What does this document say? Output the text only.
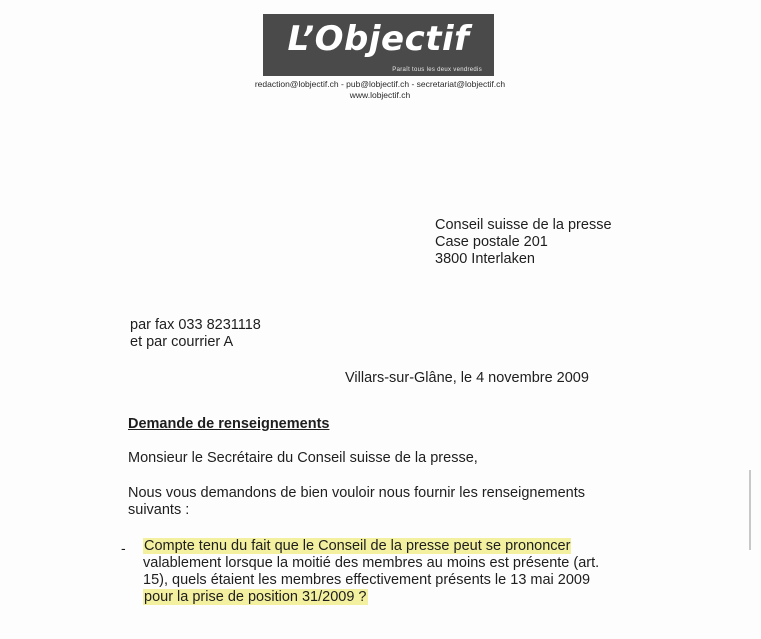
L’Objectif
Paraît tous les deux vendredis
redaction@lobjectif.ch - pub@lobjectif.ch - secretariat@lobjectif.ch
www.lobjectif.ch
Conseil suisse de la presse
Case postale 201
3800 Interlaken
par fax 033 8231118
et par courrier A
Villars-sur-Glâne, le 4 novembre 2009
Demande de renseignements
Monsieur le Secrétaire du Conseil suisse de la presse,
Nous vous demandons de bien vouloir nous fournir les renseignements
suivants :
- Compte tenu du fait que le Conseil de la presse peut se prononcer
valablement lorsque la moitié des membres au moins est présente (art.
15), quels étaient les membres effectivement présents le 13 mai 2009
pour la prise de position 31/2009 ?
